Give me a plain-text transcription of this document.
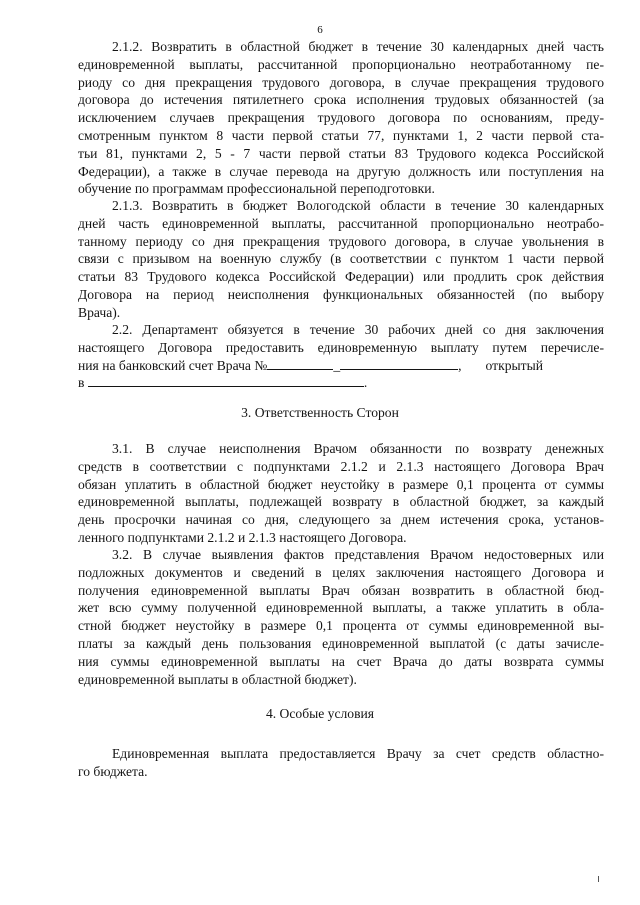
6
2.1.2. Возвратить в областной бюджет в течение 30 календарных дней часть
единовременной выплаты, рассчитанной пропорционально неотработанному пе-
риоду со дня прекращения трудового договора, в случае прекращения трудового
договора до истечения пятилетнего срока исполнения трудовых обязанностей (за
исключением случаев прекращения трудового договора по основаниям, преду-
смотренным пунктом 8 части первой статьи 77, пунктами 1, 2 части первой ста-
тьи 81, пунктами 2, 5 - 7 части первой статьи 83 Трудового кодекса Российской
Федерации), а также в случае перевода на другую должность или поступления на
обучение по программам профессиональной переподготовки.
2.1.3. Возвратить в бюджет Вологодской области в течение 30 календарных
дней часть единовременной выплаты, рассчитанной пропорционально неотрабо-
танному периоду со дня прекращения трудового договора, в случае увольнения в
связи с призывом на военную службу (в соответствии с пунктом 1 части первой
статьи 83 Трудового кодекса Российской Федерации) или продлить срок действия
Договора на период неисполнения функциональных обязанностей (по выбору
Врача).
2.2. Департамент обязуется в течение 30 рабочих дней со дня заключения
настоящего Договора предоставить единовременную выплату путем перечисле-
ния на банковский счет Врача №	_	, открытый
в	.
3. Ответственность Сторон
3.1. В случае неисполнения Врачом обязанности по возврату денежных
средств в соответствии с подпунктами 2.1.2 и 2.1.3 настоящего Договора Врач
обязан уплатить в областной бюджет неустойку в размере 0,1 процента от суммы
единовременной выплаты, подлежащей возврату в областной бюджет, за каждый
день просрочки начиная со дня, следующего за днем истечения срока, установ-
ленного подпунктами 2.1.2 и 2.1.3 настоящего Договора.
3.2. В случае выявления фактов представления Врачом недостоверных или
подложных документов и сведений в целях заключения настоящего Договора и
получения единовременной выплаты Врач обязан возвратить в областной бюд-
жет всю сумму полученной единовременной выплаты, а также уплатить в обла-
стной бюджет неустойку в размере 0,1 процента от суммы единовременной вы-
платы за каждый день пользования единовременной выплатой (с даты зачисле-
ния суммы единовременной выплаты на счет Врача до даты возврата суммы
единовременной выплаты в областной бюджет).
4. Особые условия
Единовременная выплата предоставляется Врачу за счет средств областно-
го бюджета.
